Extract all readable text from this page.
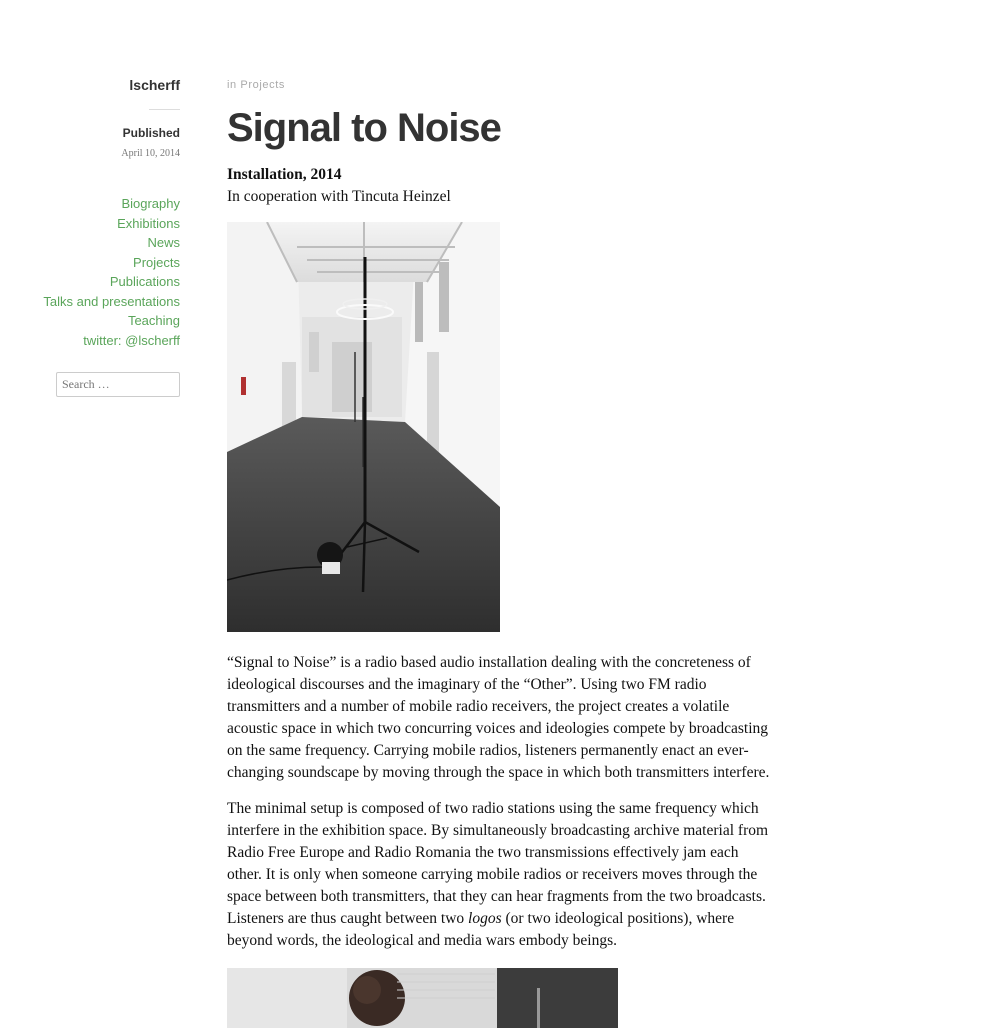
lscherff
Published
April 10, 2014
Biography
Exhibitions
News
Projects
Publications
Talks and presentations
Teaching
twitter: @lscherff
Search …
in Projects
Signal to Noise
Installation, 2014
In cooperation with Tincuta Heinzel

“Signal to Noise” is a radio based audio installation dealing with the concreteness of ideological discourses and the imaginary of the “Other”. Using two FM radio transmitters and a number of mobile radio receivers, the project creates a volatile acoustic space in which two concurring voices and ideologies compete by broadcasting on the same frequency. Carrying mobile radios, listeners permanently enact an ever-changing soundscape by moving through the space in which both transmitters interfere.

The minimal setup is composed of two radio stations using the same frequency which interfere in the exhibition space. By simultaneously broadcasting archive material from Radio Free Europe and Radio Romania the two transmissions effectively jam each other. It is only when someone carrying mobile radios or receivers moves through the space between both transmitters, that they can hear fragments from the two broadcasts. Listeners are thus caught between two logos (or two ideological positions), where beyond words, the ideological and media wars embody beings.
